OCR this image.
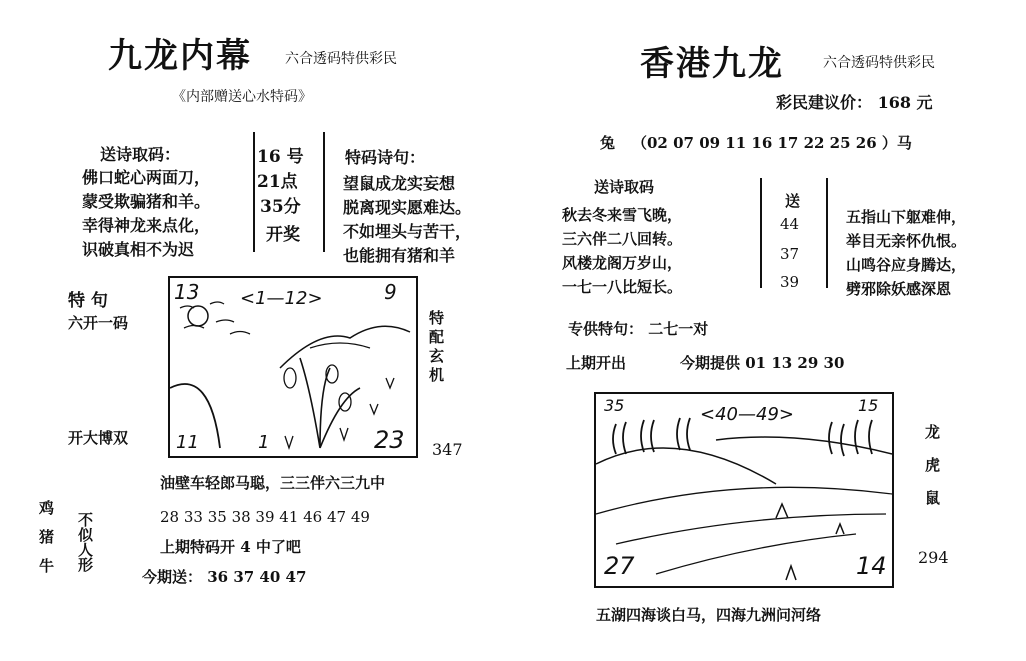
九龙内幕 六合透码特供彩民
《内部赠送心水特码》
送诗取码：
佛口蛇心两面刀，
蒙受欺骗猪和羊。
幸得神龙来点化，
识破真相不为迟
16 号
21点
35分
开奖
特码诗句：
望鼠成龙实妄想
脱离现实愿难达。
不如埋头与苦干，
也能拥有猪和羊
特 句
六开一码
开大博双
13	9
<1—12>
11	1	23
特配玄机
347
油壁车轻郎马聪，三三伴六三九中
28 33 35 38 39 41 46 47 49
鸡猪牛 不似人形	上期特码开 4 中了吧
今期送： 36 37 40 47
香港九龙	六合透码特供彩民
彩民建议价： 168 元
兔 （02 07 09 11 16 17 22 25 26 ）马
送诗取码
秋去冬来雪飞晚，
三六伴二八回转。
风楼龙阁万岁山，
一七一八比短长。
送
44
37
39
五指山下躯难伸，
举目无亲怀仇恨。
山鸣谷应身腾达，
劈邪除妖感深恩
专供特句： 二七一对
上期开出	今期提供 01 13 29 30
35	15
<40—49>
27	14
龙虎鼠
294
五湖四海谈白马，四海九洲问河络
